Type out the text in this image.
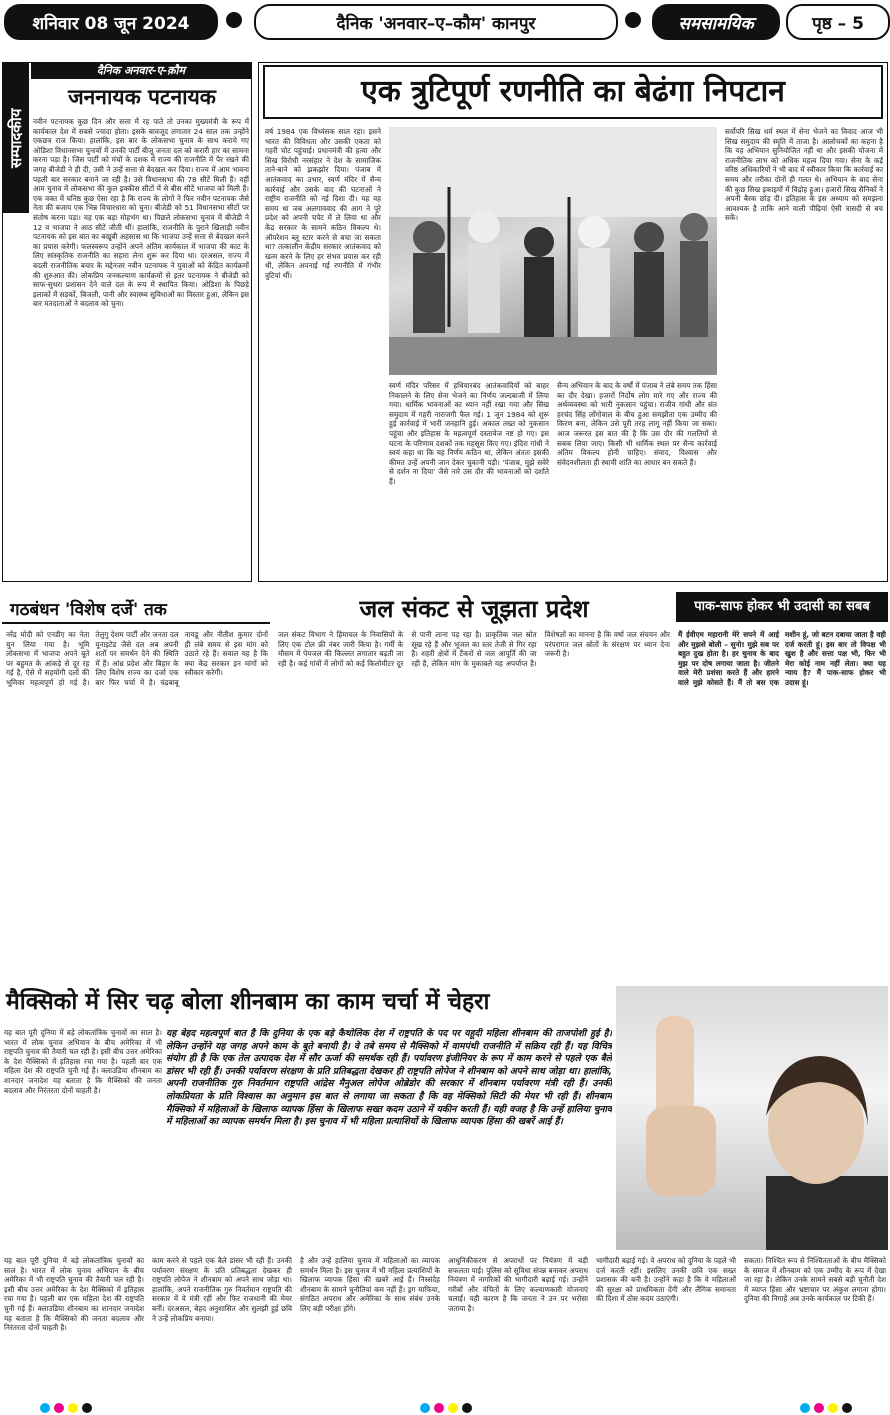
शनिवार 08 जून 2024	दैनिक 'अनवार–ए–कौम' कानपुर	समसामयिक	पृष्ठ – 5
सम्पादकीय
दैनिक अनवार-ए-क़ौम
जननायक पटनायक
नवीन पटनायक कुछ दिन और सत्ता में रह पाते तो उनका मुख्यमंत्री के रूप में कार्यकाल देश में सबसे ज्यादा होता। इसके बावजूद लगातार 24 साल तक उन्होंने एकछत्र राज किया। हालांकि, इस बार के लोकसभा चुनाव के साथ कराये गए ओडिशा विधानसभा चुनावों में उनकी पार्टी बीजू जनता दल को करारी हार का सामना करना पड़ा है। जिस पार्टी को मंचों के दशक में राज्य की राजनीति में पैर रखने की जगह बीजेडी ने ही दी, उसी ने उन्हें सत्ता से बेदखल कर दिया। राज्य में आम भावना पहली बार सरकार बनाने जा रही है। उसे विधानसभा की 78 सीटें मिली हैं। वहीं आम चुनाव में लोकसभा की कुल इक्कीस सीटों में से बीस सीटें भाजपा को मिली हैं। एक वक्त में घनिष्ठ कुछ ऐसा रहा है कि राज्य के लोगों ने फिर नवीन पटनायक जैसे नेता की बजाय एक भिन्न विचारधारा को चुना। बीजेडी को 51 विधानसभा सीटों पर संतोष करना पड़ा। यह एक बड़ा मोहभंग था। पिछले लोकसभा चुनाव में बीजेडी ने 12 व भाजपा ने आठ सीटें जीती थीं। हालांकि, राजनीति के पुराने खिलाड़ी नवीन पटनायक को इस बात का बखूबी अहसास था कि भाजपा उन्हें सत्ता से बेदखल करने का प्रयास करेगी। फलस्वरूप उन्होंने अपने अंतिम कार्यकाल में भाजपा की काट के लिए सांस्कृतिक राजनीति का सहारा लेना शुरू कर दिया था। दरअसल, राज्य में बदली राजनीतिक बयार के मद्देनजर नवीन पटनायक ने युवाओं को केंद्रित कार्यक्रमों की शुरुआत की। लोकप्रिय जनकल्याण कार्यक्रमों से इतर पटनायक ने बीजेडी को साफ-सुथरा प्रशासन देने वाले दल के रूप में स्थापित किया। ओडिशा के पिछड़े इलाकों में सड़कों, बिजली, पानी और स्वास्थ्य सुविधाओं का विस्तार हुआ, लेकिन इस बार मतदाताओं ने बदलाव को चुना।
एक त्रुटिपूर्ण रणनीति का बेढंगा निपटान
वर्ष 1984 एक विध्वंसक साल रहा। इसने भारत की विविधता और उसकी एकता को गहरी चोट पहुंचाई। प्रधानमंत्री की हत्या और सिख विरोधी नरसंहार ने देश के सामाजिक ताने-बाने को झकझोर दिया। पंजाब में आतंकवाद का उभार, स्वर्ण मंदिर में सैन्य कार्रवाई और उसके बाद की घटनाओं ने राष्ट्रीय राजनीति को नई दिशा दी। यह वह समय था जब अलगाववाद की आग ने पूरे प्रदेश को अपनी चपेट में ले लिया था और केंद्र सरकार के सामने कठिन विकल्प थे। ऑपरेशन ब्लू स्टार करने से बचा जा सकता था? तत्कालीन केंद्रीय सरकार आतंकवाद को खत्म करने के लिए हर संभव प्रयास कर रही थी, लेकिन अपनाई गई रणनीति में गंभीर त्रुटियां थीं।
स्वर्ण मंदिर परिसर में हथियारबंद आतंकवादियों को बाहर निकालने के लिए सेना भेजने का निर्णय जल्दबाजी में लिया गया। धार्मिक भावनाओं का ध्यान नहीं रखा गया और सिख समुदाय में गहरी नाराजगी फैल गई। 1 जून 1984 को शुरू हुई कार्रवाई में भारी जनहानि हुई। अकाल तख्त को नुकसान पहुंचा और इतिहास के महत्वपूर्ण दस्तावेज नष्ट हो गए। इस घटना के परिणाम दशकों तक महसूस किए गए। इंदिरा गांधी ने स्वयं कहा था कि यह निर्णय कठिन था, लेकिन अंततः इसकी कीमत उन्हें अपनी जान देकर चुकानी पड़ी। 'पंजाब, मुझे सवेरे से दर्शन ना दिया' जैसे नारे उस दौर की भावनाओं को दर्शाते हैं।
सैन्य अभियान के बाद के वर्षों में पंजाब ने लंबे समय तक हिंसा का दौर देखा। हजारों निर्दोष लोग मारे गए और राज्य की अर्थव्यवस्था को भारी नुकसान पहुंचा। राजीव गांधी और संत हरचंद सिंह लोंगोवाल के बीच हुआ समझौता एक उम्मीद की किरण बना, लेकिन उसे पूरी तरह लागू नहीं किया जा सका। आज जरूरत इस बात की है कि उस दौर की गलतियों से सबक लिया जाए। किसी भी धार्मिक स्थल पर सैन्य कार्रवाई अंतिम विकल्प होनी चाहिए। संवाद, विश्वास और संवेदनशीलता ही स्थायी शांति का आधार बन सकते हैं।
सर्वोपरि सिख धर्म स्थल में सेना भेजने का विवाद आज भी सिख समुदाय की स्मृति में ताजा है। आलोचकों का कहना है कि यह अभियान सुनियोजित नहीं था और इसकी योजना में राजनीतिक लाभ को अधिक महत्व दिया गया। सेना के कई वरिष्ठ अधिकारियों ने भी बाद में स्वीकार किया कि कार्रवाई का समय और तरीका दोनों ही गलत थे। अभियान के बाद सेना की कुछ सिख इकाइयों में विद्रोह हुआ। हजारों सिख सैनिकों ने अपनी बैरक छोड़ दी। इतिहास के इस अध्याय को समझना आवश्यक है ताकि आने वाली पीढ़ियां ऐसी त्रासदी से बच सकें।
गठबंधन 'विशेष दर्जे' तक
नरेंद्र मोदी को एनडीए का नेता चुन लिया गया है। भूमि लोकसभा में भाजपा अपने बूते पर बहुमत के आंकड़े से दूर रह गई है, ऐसे में सहयोगी दलों की भूमिका महत्वपूर्ण हो गई है। तेलुगु देशम पार्टी और जनता दल यूनाइटेड जैसे दल अब अपनी शर्तों पर समर्थन देने की स्थिति में हैं। आंध्र प्रदेश और बिहार के लिए विशेष राज्य का दर्जा एक बार फिर चर्चा में है। चंद्रबाबू नायडू और नीतीश कुमार दोनों ही लंबे समय से इस मांग को उठाते रहे हैं। सवाल यह है कि क्या केंद्र सरकार इन मांगों को स्वीकार करेगी।
जल संकट से जूझता प्रदेश
जल संकट विभाग ने हिमाचल के निवासियों के लिए एक टोल फ्री नंबर जारी किया है। गर्मी के मौसम में पेयजल की किल्लत लगातार बढ़ती जा रही है। कई गांवों में लोगों को कई किलोमीटर दूर से पानी लाना पड़ रहा है। प्राकृतिक जल स्रोत सूख रहे हैं और भूजल का स्तर तेजी से गिर रहा है। शहरी क्षेत्रों में टैंकरों से जल आपूर्ति की जा रही है, लेकिन मांग के मुकाबले यह अपर्याप्त है। विशेषज्ञों का मानना है कि वर्षा जल संचयन और परंपरागत जल स्रोतों के संरक्षण पर ध्यान देना जरूरी है।
पाक-साफ होकर भी उदासी का सबब
मैं ईवीएम महारानी मेरे सपने में आई और मुझसे बोली – सुनो! मुझे सब पर बहुत दुख होता है। हर चुनाव के बाद मुझ पर दोष लगाया जाता है। जीतने वाले मेरी प्रशंसा करते हैं और हारने वाले मुझे कोसते हैं। मैं तो बस एक मशीन हूं, जो बटन दबाया जाता है वही दर्ज करती हूं। इस बार तो विपक्ष भी खुश है और सत्ता पक्ष भी, फिर भी मेरा कोई नाम नहीं लेता। क्या यह न्याय है? मैं पाक-साफ होकर भी उदास हूं।
मैक्सिको में सिर चढ़ बोला शीनबाम का काम चर्चा में चेहरा
यह बात पूरी दुनिया में बड़े लोकतांत्रिक चुनावों का साल है। भारत में लोक चुनाव अभियान के बीच अमेरिका में भी राष्ट्रपति चुनाव की तैयारी चल रही है। इसी बीच उत्तर अमेरिका के देश मैक्सिको में इतिहास रचा गया है। पहली बार एक महिला देश की राष्ट्रपति चुनी गई हैं। क्लाउडिया शीनबाम का शानदार जनादेश यह बताता है कि मैक्सिको की जनता बदलाव और निरंतरता दोनों चाहती है।
यह बेहद महत्वपूर्ण बात है कि दुनिया के एक बड़े कैथोलिक देश में राष्ट्रपति के पद पर यहूदी महिला शीनबाम की ताजपोशी हुई है। लेकिन उन्होंने यह जगह अपने काम के बूते बनायी है। वे तबे समय से मैक्सिको में वामपंथी राजनीति में सक्रिय रही हैं। यह विचित्र संयोग ही है कि एक तेल उत्पादक देश में सौर ऊर्जा की समर्थक रही हैं। पर्यावरण इंजीनियर के रूप में काम करने से पहले एक बैले डांसर भी रही हैं। उनकी पर्यावरण संरक्षण के प्रति प्रतिबद्धता देखकर ही राष्ट्रपति लोपेज ने शीनबाम को अपने साथ जोड़ा था। हालांकि, अपनी राजनीतिक गुरु निवर्तमान राष्ट्रपति आंद्रेस मैनुअल लोपेज ओब्रेडोर की सरकार में शीनबाम पर्यावरण मंत्री रही हैं। उनकी लोकप्रियता के प्रति विश्वास का अनुमान इस बात से लगाया जा सकता है कि वह मेक्सिको सिटी की मेयर भी रही हैं। शीनबाम मैक्सिको में महिलाओं के खिलाफ व्यापक हिंसा के खिलाफ सख्त कदम उठाने में यकीन करती हैं। यही वजह है कि उन्हें हालिया चुनाव में महिलाओं का व्यापक समर्थन मिला है। इस चुनाव में भी महिला प्रत्याशियों के खिलाफ व्यापक हिंसा की खबरें आई हैं।
यह बात पूरी दुनिया में बड़े लोकतांत्रिक चुनावों का साल है। भारत में लोक चुनाव अभियान के बीच अमेरिका में भी राष्ट्रपति चुनाव की तैयारी चल रही है। इसी बीच उत्तर अमेरिका के देश मैक्सिको में इतिहास रचा गया है। पहली बार एक महिला देश की राष्ट्रपति चुनी गई हैं। क्लाउडिया शीनबाम का शानदार जनादेश यह बताता है कि मैक्सिको की जनता बदलाव और निरंतरता दोनों चाहती है।
काम करने से पहले एक बैले डांसर भी रही हैं। उनकी पर्यावरण संरक्षण के प्रति प्रतिबद्धता देखकर ही राष्ट्रपति लोपेज ने शीनबाम को अपने साथ जोड़ा था। हालांकि, अपने राजनीतिक गुरु निवर्तमान राष्ट्रपति की सरकार में वे मंत्री रहीं और फिर राजधानी की मेयर बनीं। दरअसल, बेहद अनुशासित और सुलझी हुई छवि ने उन्हें लोकप्रिय बनाया।
है और उन्हें हालिया चुनाव में महिलाओं का व्यापक समर्थन मिला है। इस चुनाव में भी महिला प्रत्याशियों के खिलाफ व्यापक हिंसा की खबरें आई हैं। निस्संदेह शीनबाम के सामने चुनौतियां कम नहीं हैं। ड्रग माफिया, संगठित अपराध और अमेरिका के साथ संबंध उनके लिए बड़ी परीक्षा होंगे।
आधुनिकीकरण से अपराधों पर नियंत्रण में बड़ी सफलता पाई। पुलिस को सुविधा संपन्न बनाकर अपराध नियंत्रण में नागरिकों की भागीदारी बढ़ाई गई। उन्होंने गरीबों और वंचितों के लिए कल्याणकारी योजनाएं चलाईं। यही कारण है कि जनता ने उन पर भरोसा जताया है।
भागीदारी बढ़ाई गई। वे अपराध को दुनिया के पहले भी दर्ज करती रहीं। इसलिए उनकी छवि एक सख्त प्रशासक की बनी है। उन्होंने कहा है कि वे महिलाओं की सुरक्षा को प्राथमिकता देंगी और लैंगिक समानता की दिशा में ठोस कदम उठाएंगी।
सकता। निश्चित रूप से निश्चितताओं के बीच मैक्सिको के समाज में शीनबाम को एक उम्मीद के रूप में देखा जा रहा है। लेकिन उनके सामने सबसे बड़ी चुनौती देश में व्याप्त हिंसा और भ्रष्टाचार पर अंकुश लगाना होगा। दुनिया की निगाहें अब उनके कार्यकाल पर टिकी हैं।
